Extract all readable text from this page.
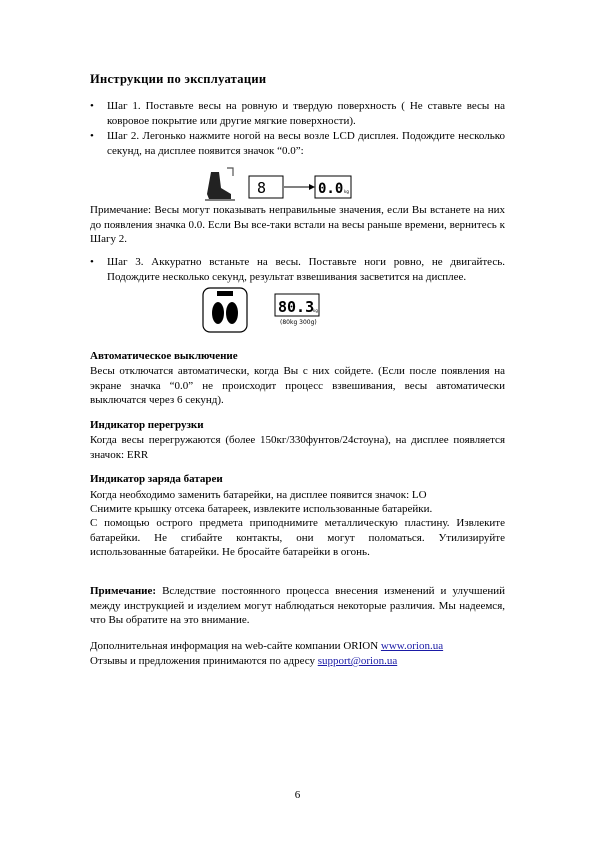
Инструкции по эксплуатации
•	Шаг 1. Поставьте весы на ровную и твердую поверхность ( Не ставьте весы на ковровое покрытие или другие мягкие поверхности).
•	Шаг 2. Легонько нажмите ногой на весы возле LCD дисплея. Подождите несколько секунд, на дисплее появится значок “0.0”:
8	0.0 kg
Примечание: Весы могут показывать неправильные значения, если Вы встанете на них до появления значка 0.0. Если Вы все-таки встали на весы раньше времени, вернитесь к Шагу 2.
•	Шаг 3. Аккуратно встаньте на весы. Поставьте ноги ровно, не двигайтесь. Подождите несколько секунд, результат взвешивания засветится на дисплее.
80.3
kg
(80kg 300g)
Автоматическое выключение
Весы отключатся автоматически, когда Вы с них сойдете. (Если после появления на экране значка “0.0” не происходит процесс взвешивания, весы автоматически выключатся через 6 секунд).
Индикатор перегрузки
Когда весы перегружаются (более 150кг/330фунтов/24стоуна), на дисплее появляется значок: ERR
Индикатор заряда батареи
Когда необходимо заменить батарейки, на дисплее появится значок: LO
Снимите крышку отсека батареек, извлеките использованные батарейки.
С помощью острого предмета приподнимите металлическую пластину. Извлеките батарейки. Не сгибайте контакты, они могут поломаться. Утилизируйте использованные батарейки. Не бросайте батарейки в огонь.
Примечание: Вследствие постоянного процесса внесения изменений и улучшений между инструкцией и изделием могут наблюдаться некоторые различия. Мы надеемся, что Вы обратите на это внимание.
Дополнительная информация на web-сайте компании ORION www.orion.ua
Отзывы и предложения принимаются по адресу support@orion.ua
6
